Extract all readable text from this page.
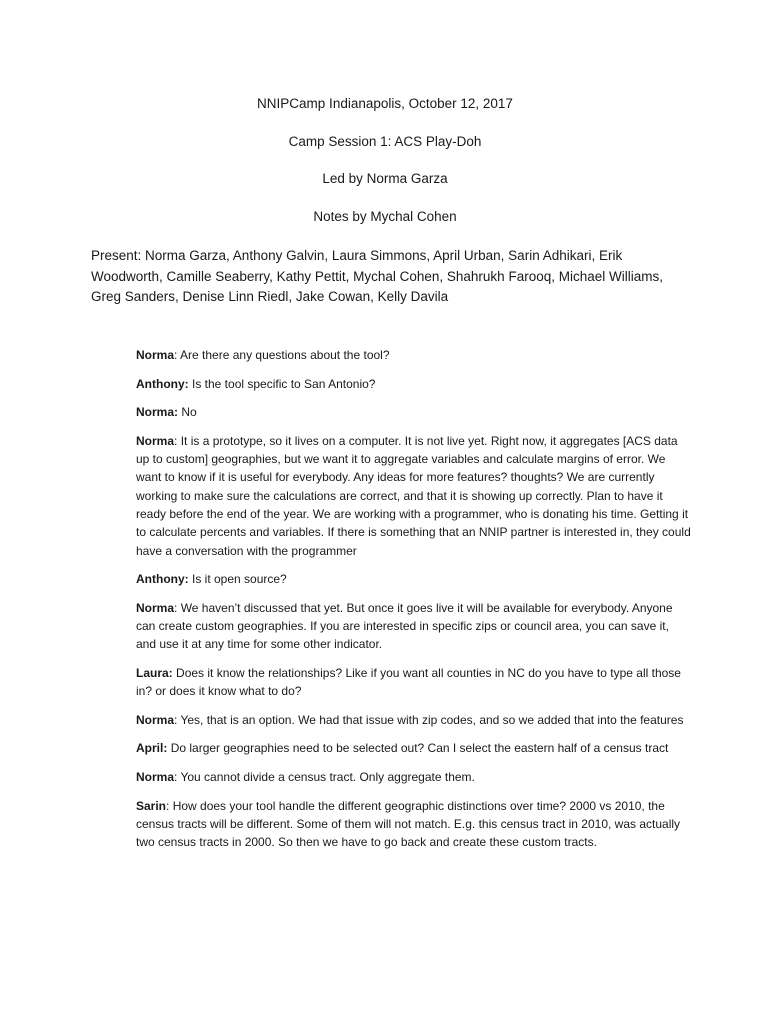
NNIPCamp Indianapolis, October 12, 2017
Camp Session 1: ACS Play-Doh
Led by Norma Garza
Notes by Mychal Cohen
Present: Norma Garza, Anthony Galvin, Laura Simmons, April Urban, Sarin Adhikari, Erik Woodworth, Camille Seaberry, Kathy Pettit, Mychal Cohen, Shahrukh Farooq, Michael Williams, Greg Sanders, Denise Linn Riedl, Jake Cowan, Kelly Davila

Norma: Are there any questions about the tool?

Anthony: Is the tool specific to San Antonio?

Norma: No

Norma: It is a prototype, so it lives on a computer. It is not live yet. Right now, it aggregates [ACS data up to custom] geographies, but we want it to aggregate variables and calculate margins of error. We want to know if it is useful for everybody. Any ideas for more features? thoughts? We are currently working to make sure the calculations are correct, and that it is showing up correctly. Plan to have it ready before the end of the year. We are working with a programmer, who is donating his time. Getting it to calculate percents and variables. If there is something that an NNIP partner is interested in, they could have a conversation with the programmer

Anthony: Is it open source?

Norma: We haven’t discussed that yet. But once it goes live it will be available for everybody. Anyone can create custom geographies. If you are interested in specific zips or council area, you can save it, and use it at any time for some other indicator.

Laura: Does it know the relationships? Like if you want all counties in NC do you have to type all those in? or does it know what to do?

Norma: Yes, that is an option. We had that issue with zip codes, and so we added that into the features

April: Do larger geographies need to be selected out? Can I select the eastern half of a census tract

Norma: You cannot divide a census tract. Only aggregate them.

Sarin: How does your tool handle the different geographic distinctions over time? 2000 vs 2010, the census tracts will be different. Some of them will not match. E.g. this census tract in 2010, was actually two census tracts in 2000. So then we have to go back and create these custom tracts.
